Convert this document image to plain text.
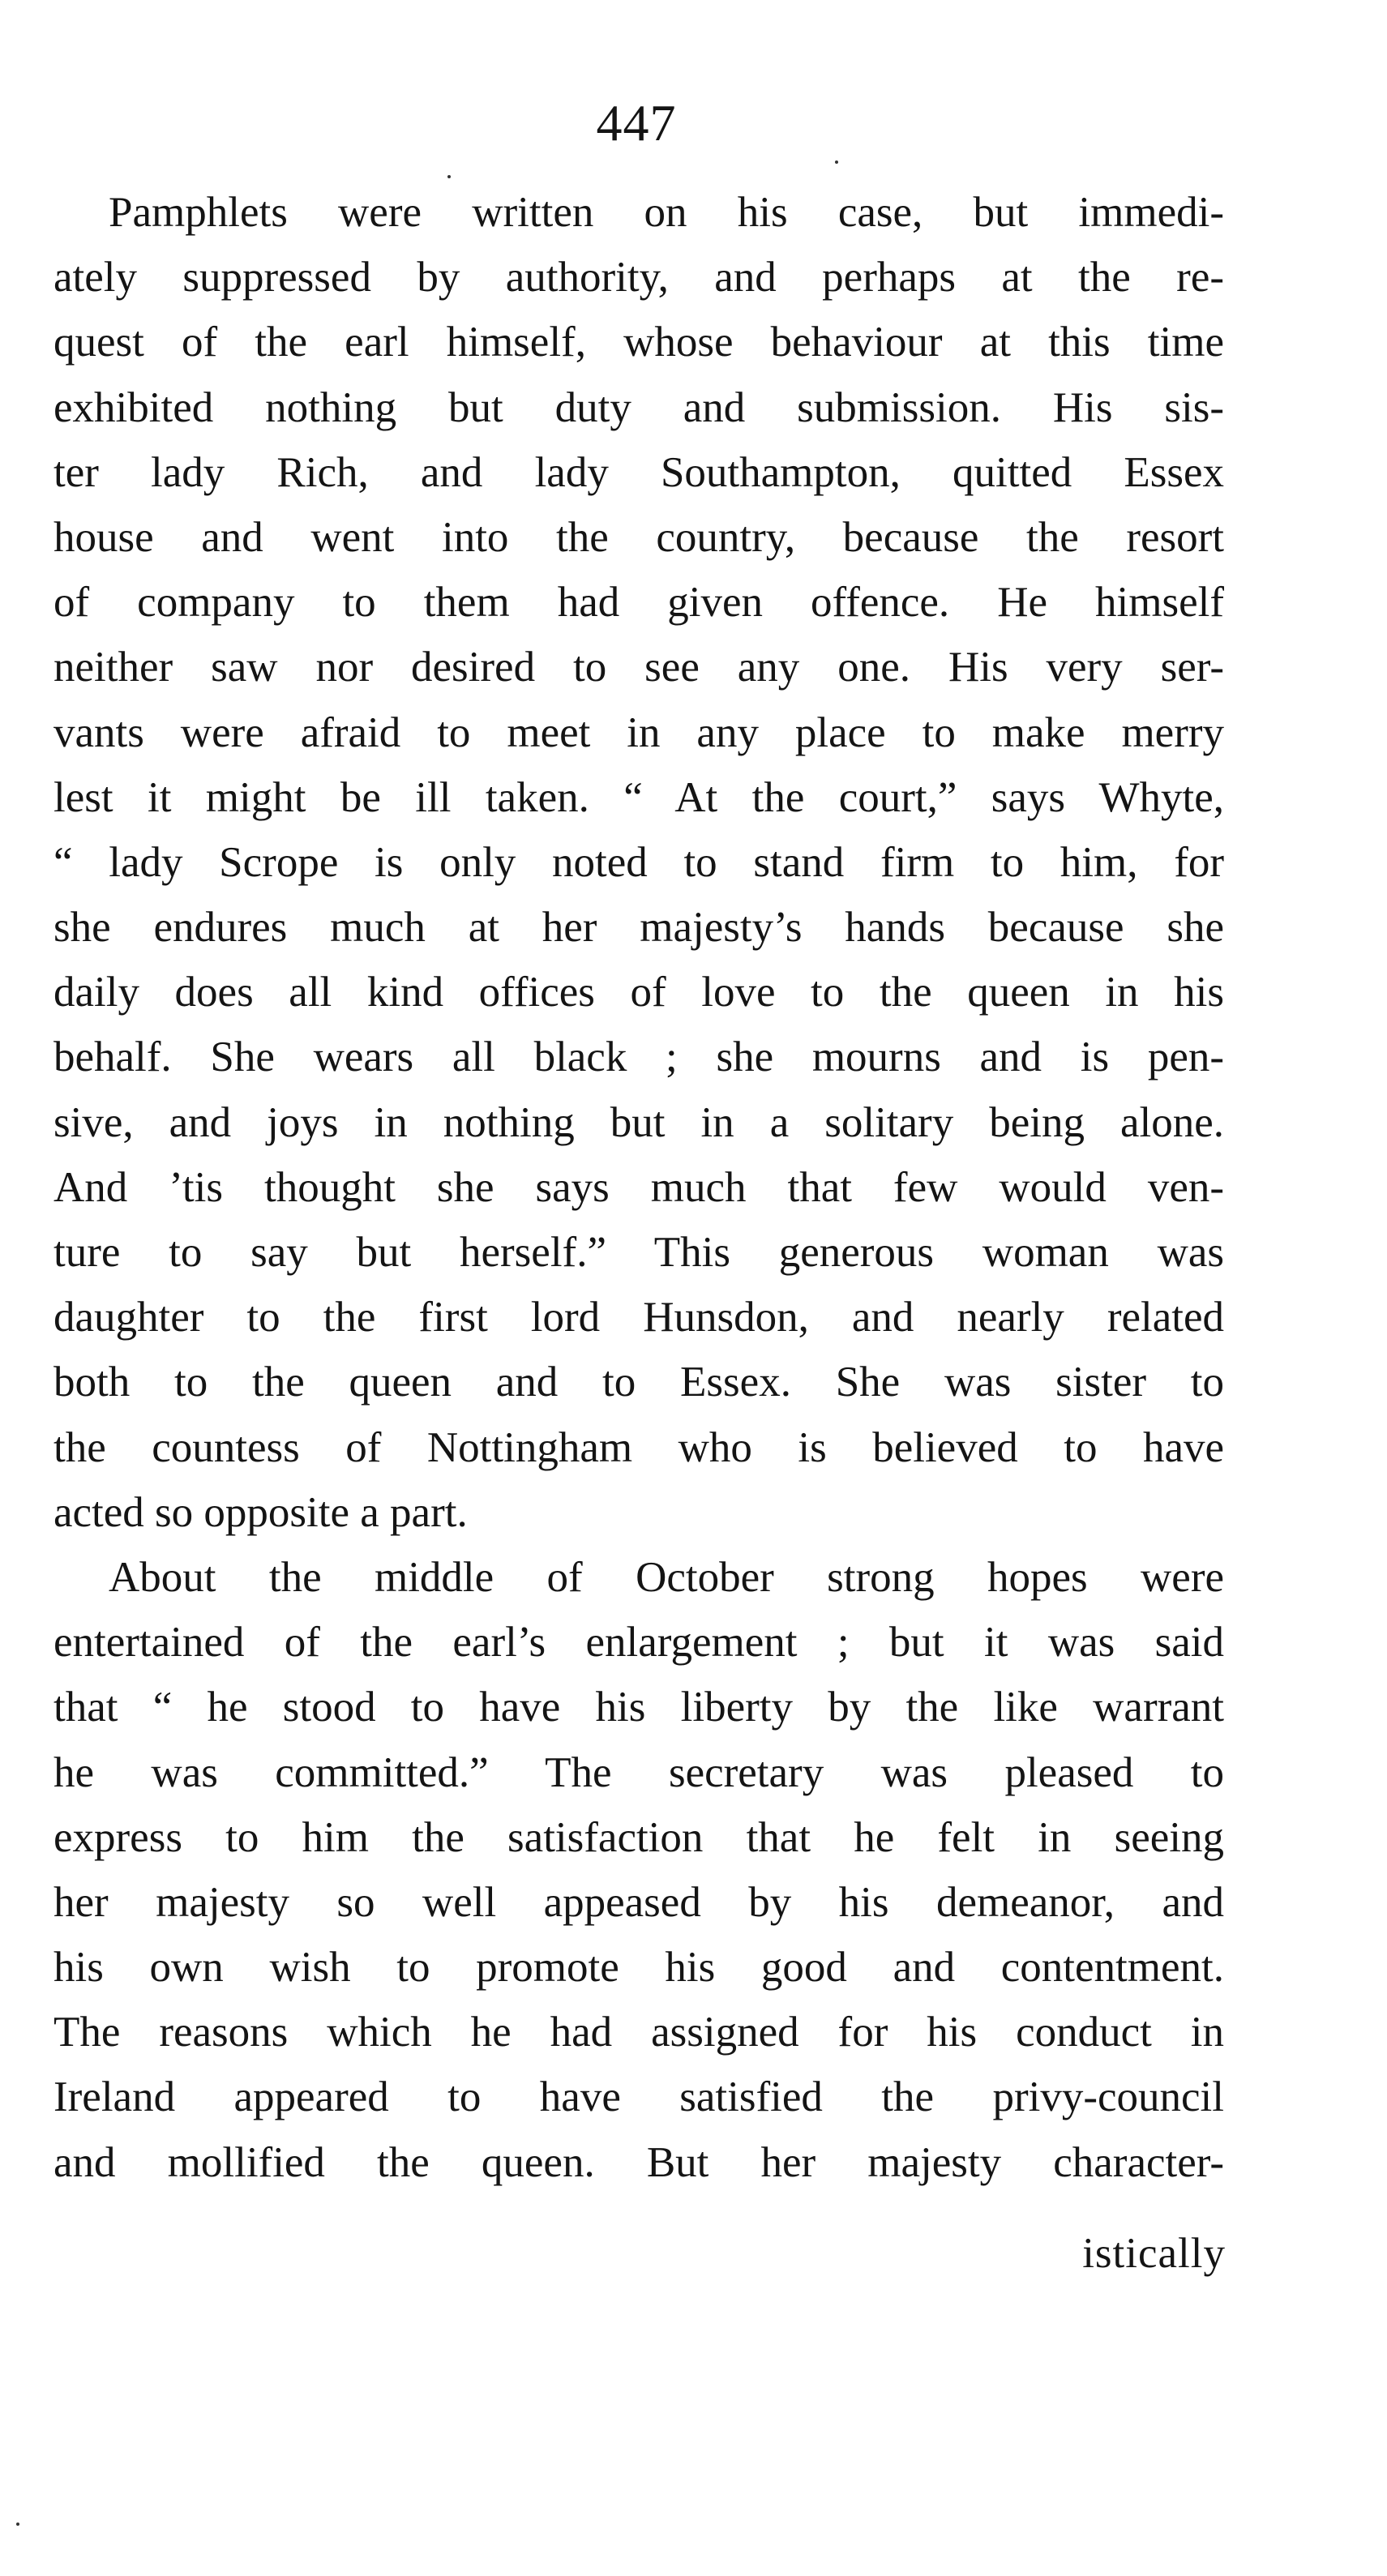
447
Pamphlets were written on his case, but immedi-
ately suppressed by authority, and perhaps at the re-
quest of the earl himself, whose behaviour at this time
exhibited nothing but duty and submission. His sis-
ter lady Rich, and lady Southampton, quitted Essex
house and went into the country, because the resort
of company to them had given offence. He himself
neither saw nor desired to see any one. His very ser-
vants were afraid to meet in any place to make merry
lest it might be ill taken. “ At the court,” says Whyte,
“ lady Scrope is only noted to stand firm to him, for
she endures much at her majesty’s hands because she
daily does all kind offices of love to the queen in his
behalf. She wears all black ; she mourns and is pen-
sive, and joys in nothing but in a solitary being alone.
And ’tis thought she says much that few would ven-
ture to say but herself.” This generous woman was
daughter to the first lord Hunsdon, and nearly related
both to the queen and to Essex. She was sister to
the countess of Nottingham who is believed to have
acted so opposite a part.
About the middle of October strong hopes were
entertained of the earl’s enlargement ; but it was said
that “ he stood to have his liberty by the like warrant
he was committed.” The secretary was pleased to
express to him the satisfaction that he felt in seeing
her majesty so well appeased by his demeanor, and
his own wish to promote his good and contentment.
The reasons which he had assigned for his conduct in
Ireland appeared to have satisfied the privy-council
and mollified the queen. But her majesty character-
istically
